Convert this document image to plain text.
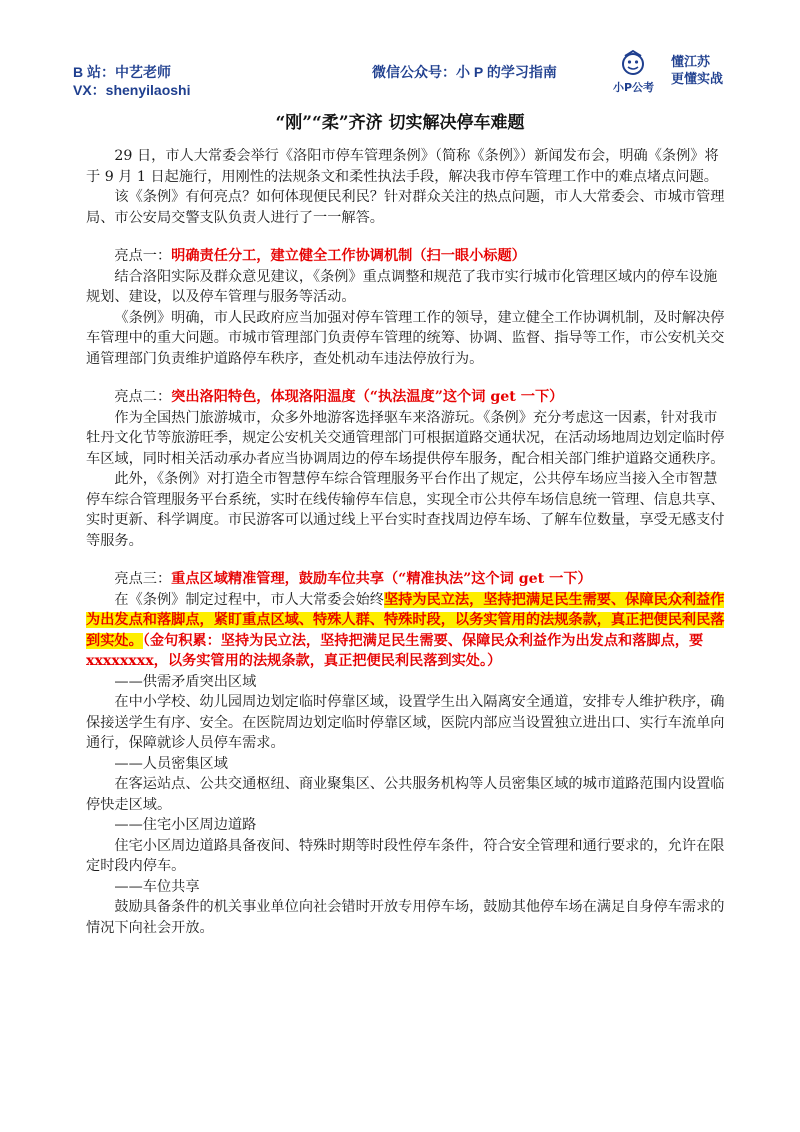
B 站：中艺老师
VX：shenyilaoshi
微信公众号：小 P 的学习指南
小P公考
懂江苏
更懂实战
“刚”“柔”齐济 切实解决停车难题

29 日，市人大常委会举行《洛阳市停车管理条例》（简称《条例》）新闻发布会，明确《条例》将于 9 月 1 日起施行，用刚性的法规条文和柔性执法手段，解决我市停车管理工作中的难点堵点问题。

该《条例》有何亮点？如何体现便民利民？针对群众关注的热点问题，市人大常委会、市城市管理局、市公安局交警支队负责人进行了一一解答。

亮点一：明确责任分工，建立健全工作协调机制（扫一眼小标题）

结合洛阳实际及群众意见建议，《条例》重点调整和规范了我市实行城市化管理区域内的停车设施规划、建设，以及停车管理与服务等活动。

《条例》明确，市人民政府应当加强对停车管理工作的领导，建立健全工作协调机制，及时解决停车管理中的重大问题。市城市管理部门负责停车管理的统筹、协调、监督、指导等工作，市公安机关交通管理部门负责维护道路停车秩序，查处机动车违法停放行为。

亮点二：突出洛阳特色，体现洛阳温度（“执法温度”这个词 get 一下）

作为全国热门旅游城市，众多外地游客选择驱车来洛游玩。《条例》充分考虑这一因素，针对我市牡丹文化节等旅游旺季，规定公安机关交通管理部门可根据道路交通状况，在活动场地周边划定临时停车区域，同时相关活动承办者应当协调周边的停车场提供停车服务，配合相关部门维护道路交通秩序。

此外，《条例》对打造全市智慧停车综合管理服务平台作出了规定，公共停车场应当接入全市智慧停车综合管理服务平台系统，实时在线传输停车信息，实现全市公共停车场信息统一管理、信息共享、实时更新、科学调度。市民游客可以通过线上平台实时查找周边停车场、了解车位数量，享受无感支付等服务。

亮点三：重点区域精准管理，鼓励车位共享（“精准执法”这个词 get 一下）

在《条例》制定过程中，市人大常委会始终坚持为民立法，坚持把满足民生需要、保障民众利益作为出发点和落脚点，紧盯重点区域、特殊人群、特殊时段，以务实管用的法规条款，真正把便民利民落到实处。（金句积累：坚持为民立法，坚持把满足民生需要、保障民众利益作为出发点和落脚点，要 xxxxxxxx，以务实管用的法规条款，真正把便民利民落到实处。）

——供需矛盾突出区域

在中小学校、幼儿园周边划定临时停靠区域，设置学生出入隔离安全通道，安排专人维护秩序，确保接送学生有序、安全。在医院周边划定临时停靠区域，医院内部应当设置独立进出口、实行车流单向通行，保障就诊人员停车需求。

——人员密集区域

在客运站点、公共交通枢纽、商业聚集区、公共服务机构等人员密集区域的城市道路范围内设置临停快走区域。

——住宅小区周边道路

住宅小区周边道路具备夜间、特殊时期等时段性停车条件，符合安全管理和通行要求的，允许在限定时段内停车。

——车位共享

鼓励具备条件的机关事业单位向社会错时开放专用停车场，鼓励其他停车场在满足自身停车需求的情况下向社会开放。
